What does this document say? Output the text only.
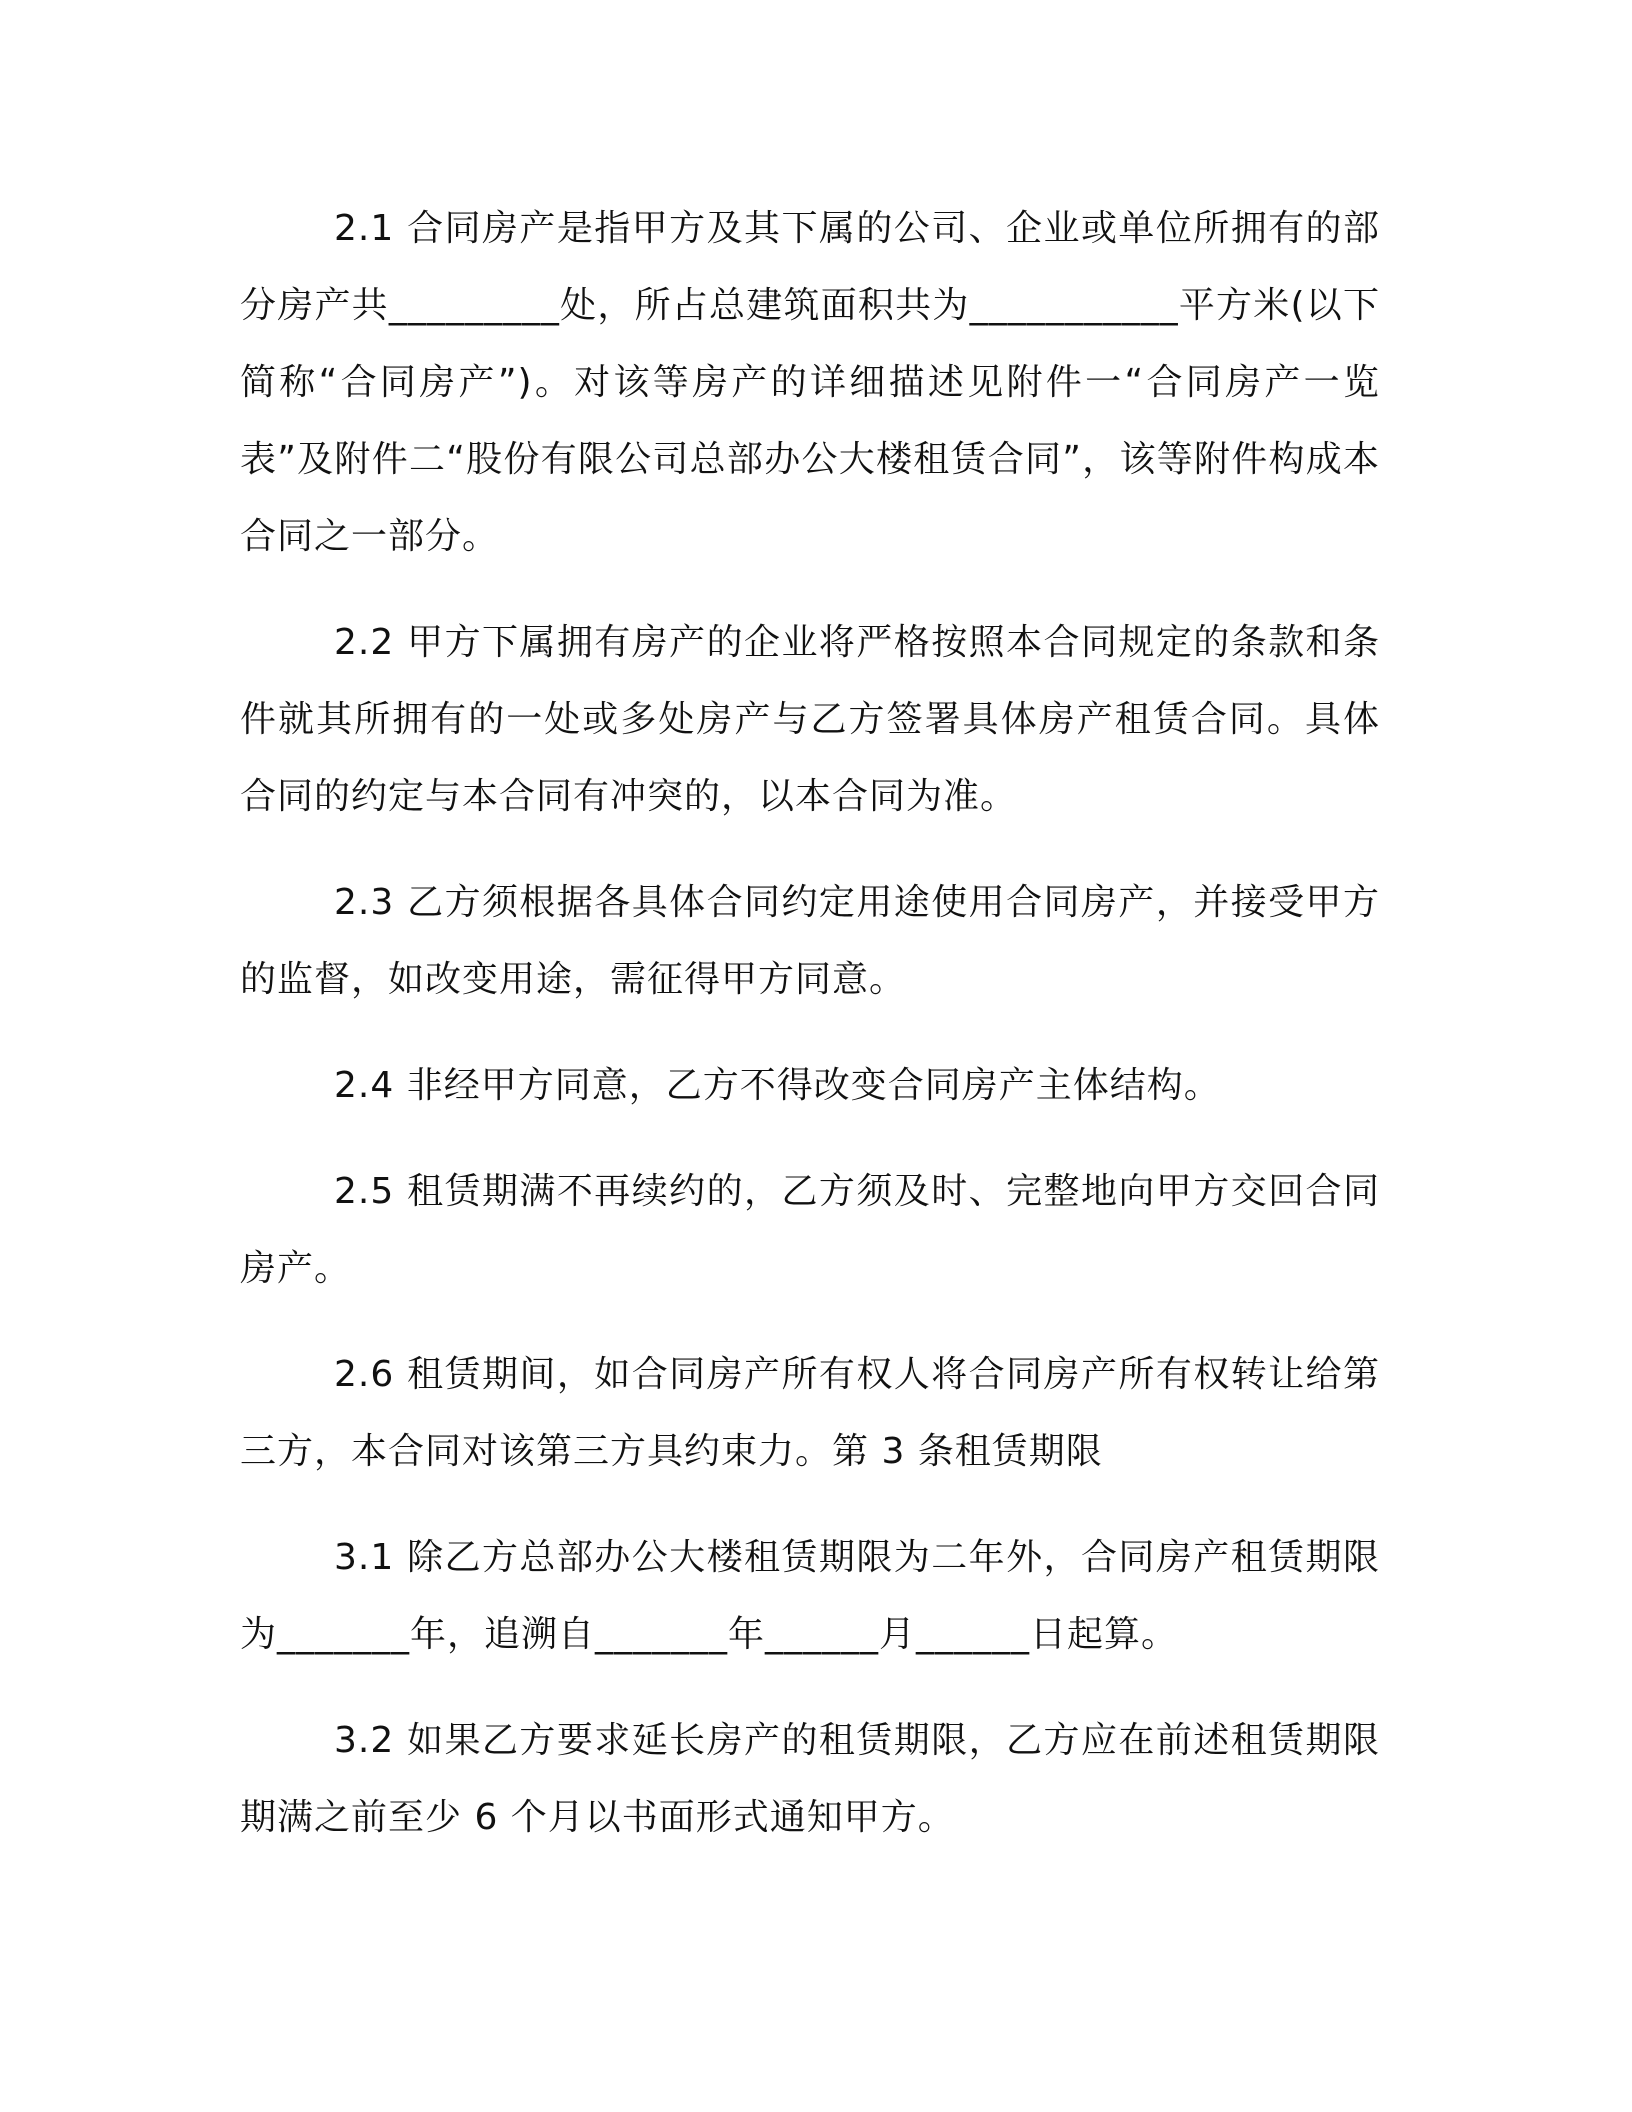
2.1 合同房产是指甲方及其下属的公司、企业或单位所拥有的部分房产共_________处，所占总建筑面积共为___________平方米(以下简称“合同房产”)。对该等房产的详细描述见附件一“合同房产一览表”及附件二“股份有限公司总部办公大楼租赁合同”，该等附件构成本合同之一部分。

2.2 甲方下属拥有房产的企业将严格按照本合同规定的条款和条件就其所拥有的一处或多处房产与乙方签署具体房产租赁合同。具体合同的约定与本合同有冲突的，以本合同为准。

2.3 乙方须根据各具体合同约定用途使用合同房产，并接受甲方的监督，如改变用途，需征得甲方同意。

2.4 非经甲方同意，乙方不得改变合同房产主体结构。

2.5 租赁期满不再续约的，乙方须及时、完整地向甲方交回合同房产。

2.6 租赁期间，如合同房产所有权人将合同房产所有权转让给第三方，本合同对该第三方具约束力。第 3 条租赁期限

3.1 除乙方总部办公大楼租赁期限为二年外，合同房产租赁期限为_______年，追溯自_______年______月______日起算。

3.2 如果乙方要求延长房产的租赁期限，乙方应在前述租赁期限期满之前至少 6 个月以书面形式通知甲方。
